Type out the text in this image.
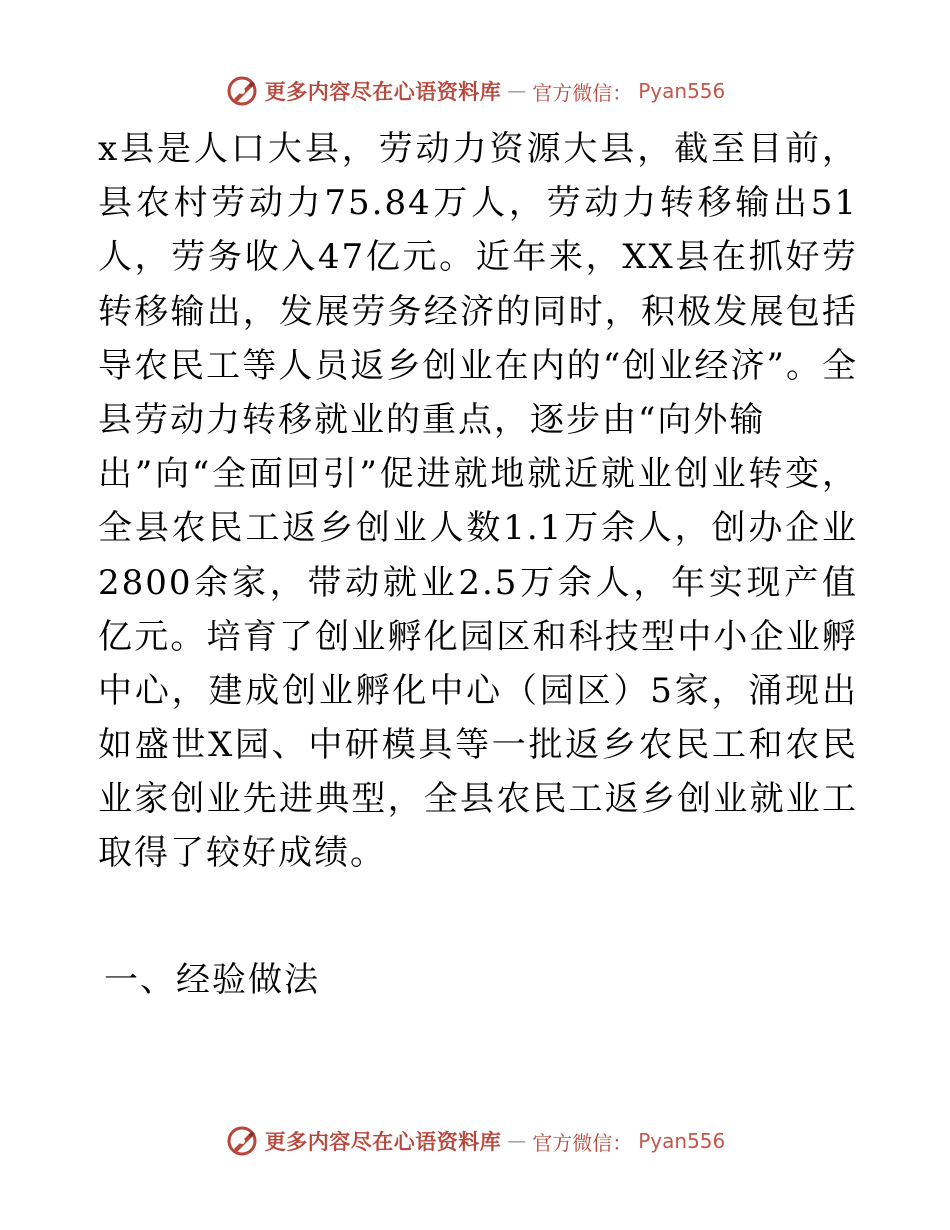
更多内容尽在心语资料库 — 官方微信： Pyan556
x县是人口大县，劳动力资源大县，截至目前，
县农村劳动力75.84万人，劳动力转移输出51
人，劳务收入47亿元。近年来，XX县在抓好劳
转移输出，发展劳务经济的同时，积极发展包括
导农民工等人员返乡创业在内的“创业经济”。全
县劳动力转移就业的重点，逐步由“向外输
出”向“全面回引”促进就地就近就业创业转变，
全县农民工返乡创业人数1.1万余人，创办企业
2800余家，带动就业2.5万余人，年实现产值
亿元。培育了创业孵化园区和科技型中小企业孵
中心，建成创业孵化中心（园区）5家，涌现出
如盛世X园、中研模具等一批返乡农民工和农民
业家创业先进典型，全县农民工返乡创业就业工
取得了较好成绩。
一、经验做法
更多内容尽在心语资料库 — 官方微信： Pyan556
